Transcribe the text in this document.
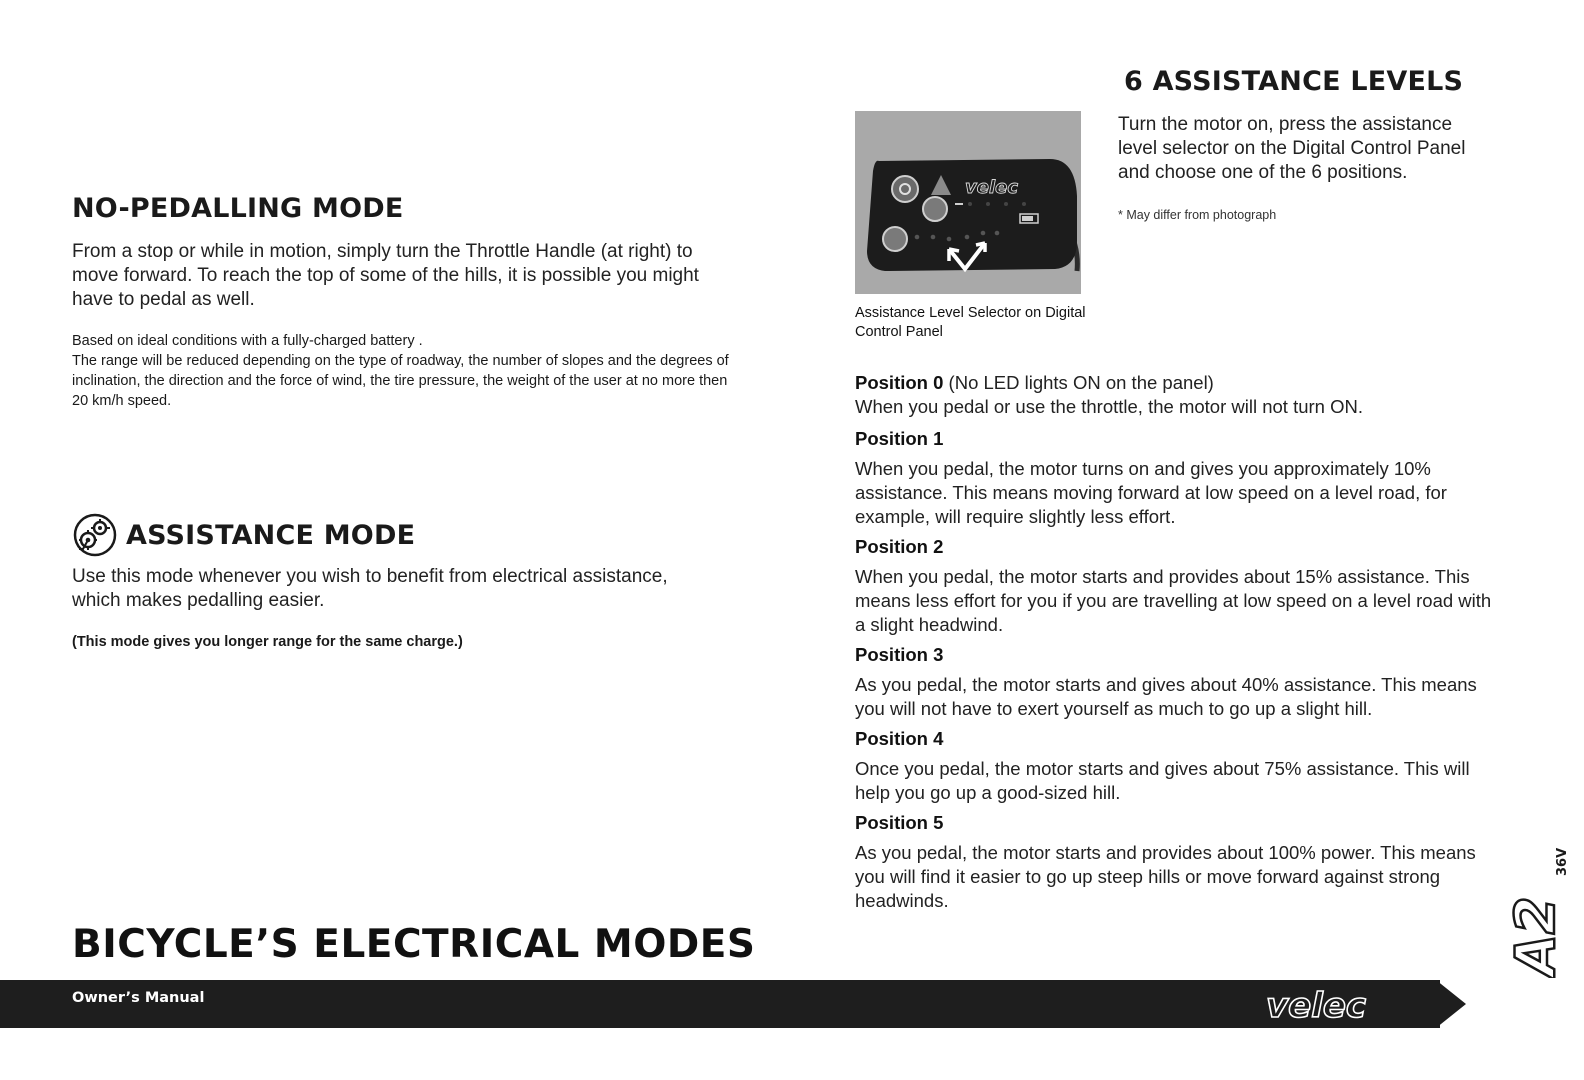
NO-PEDALLING MODE

From a stop or while in motion, simply turn the Throttle Handle (at right) to move forward. To reach the top of some of the hills, it is possible you might have to pedal as well.

Based on ideal conditions with a fully-charged battery .
The range will be reduced depending on the type of roadway, the number of slopes and the degrees of inclination, the direction and the force of wind, the tire pressure, the weight of the user at no more then 20 km/h speed.
ASSISTANCE MODE

Use this mode whenever you wish to benefit from electrical assistance, which makes pedalling easier.

(This mode gives you longer range for the same charge.)

BICYCLE’S ELECTRICAL MODES
Owner’s Manual	velec
velec
Assistance Level Selector on Digital Control Panel
6 ASSISTANCE LEVELS

Turn the motor on, press the assistance level selector on the Digital Control Panel and choose one of the 6 positions.

* May differ from photograph

Position 0 (No LED lights ON on the panel)

When you pedal or use the throttle, the motor will not turn ON.

Position 1

When you pedal, the motor turns on and gives you approximately 10% assistance. This means moving forward at low speed on a level road, for example, will require slightly less effort.

Position 2

When you pedal, the motor starts and provides about 15% assistance. This means less effort for you if you are travelling at low speed on a level road with a slight headwind.

Position 3

As you pedal, the motor starts and gives about 40% assistance. This means you will not have to exert yourself as much to go up a slight hill.

Position 4

Once you pedal, the motor starts and gives about 75% assistance. This will help you go up a good-sized hill.

Position 5

As you pedal, the motor starts and provides about 100% power. This means you will find it easier to go up steep hills or move forward against strong headwinds.	A2
36V
